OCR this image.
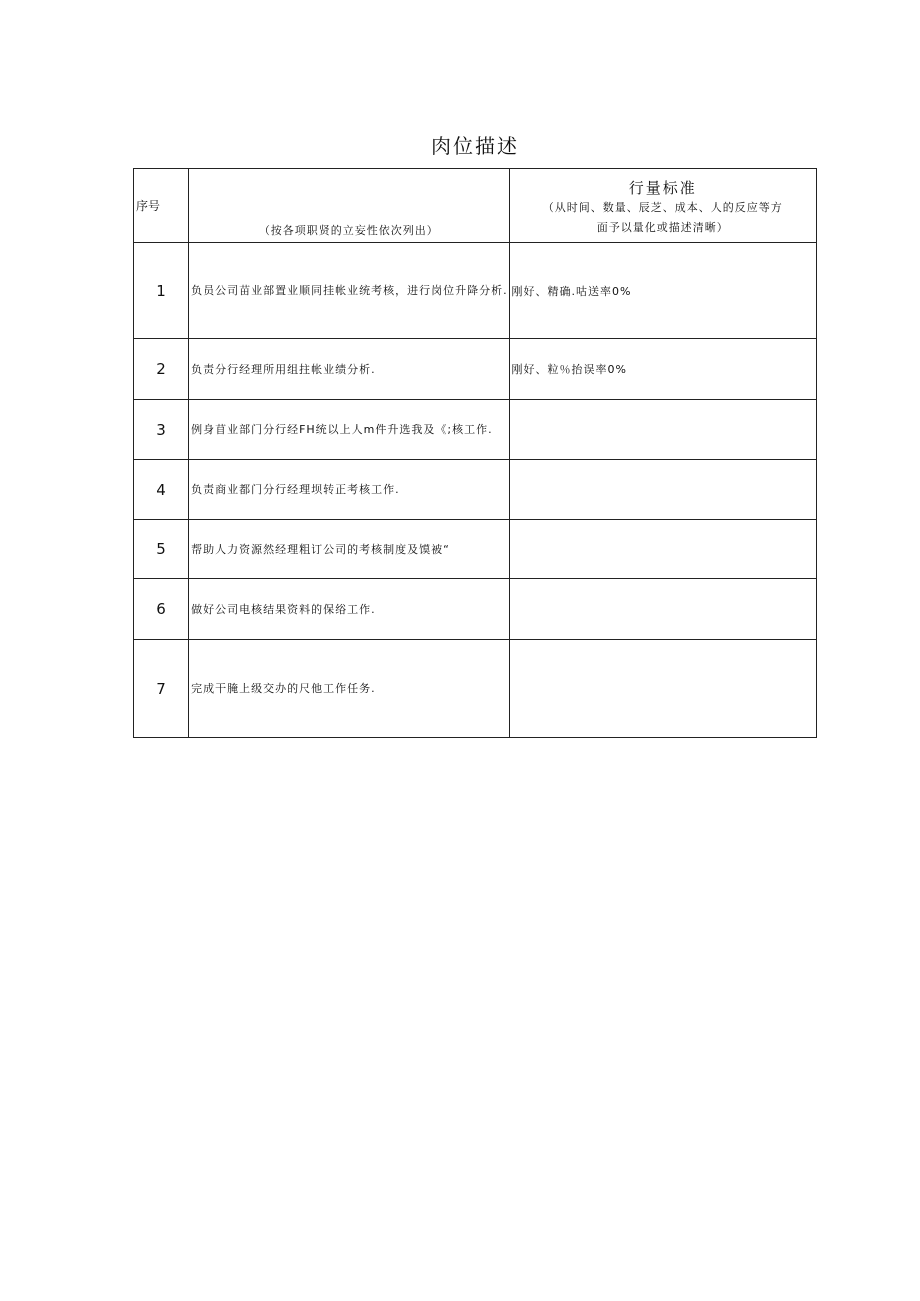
肉位描述
序号	（按各项职贤的立妄性依次列出）	行量标准
（从时间、数量、辰芝、成本、人的反应等方
面予以量化或描述清晰）

1	负员公司苗业部置业顺同挂帐业统考核，进行岗位升降分析.	刚好、精确.咕送率0%
2	负责分行经理所用组拄帐业绩分析.	刚好、粒％抬误率0%
3	例身苜业部门分行经FH统以上人m件升选我及《;核工作.	
4	负责商业都门分行经理坝转正考核工作.	
5	帮助人力资源然经理粗订公司的考核制度及馍被“	
6	做好公司电核结果资料的保绤工作.	
7	完成干腌上级交办的尺他工作任务.	
